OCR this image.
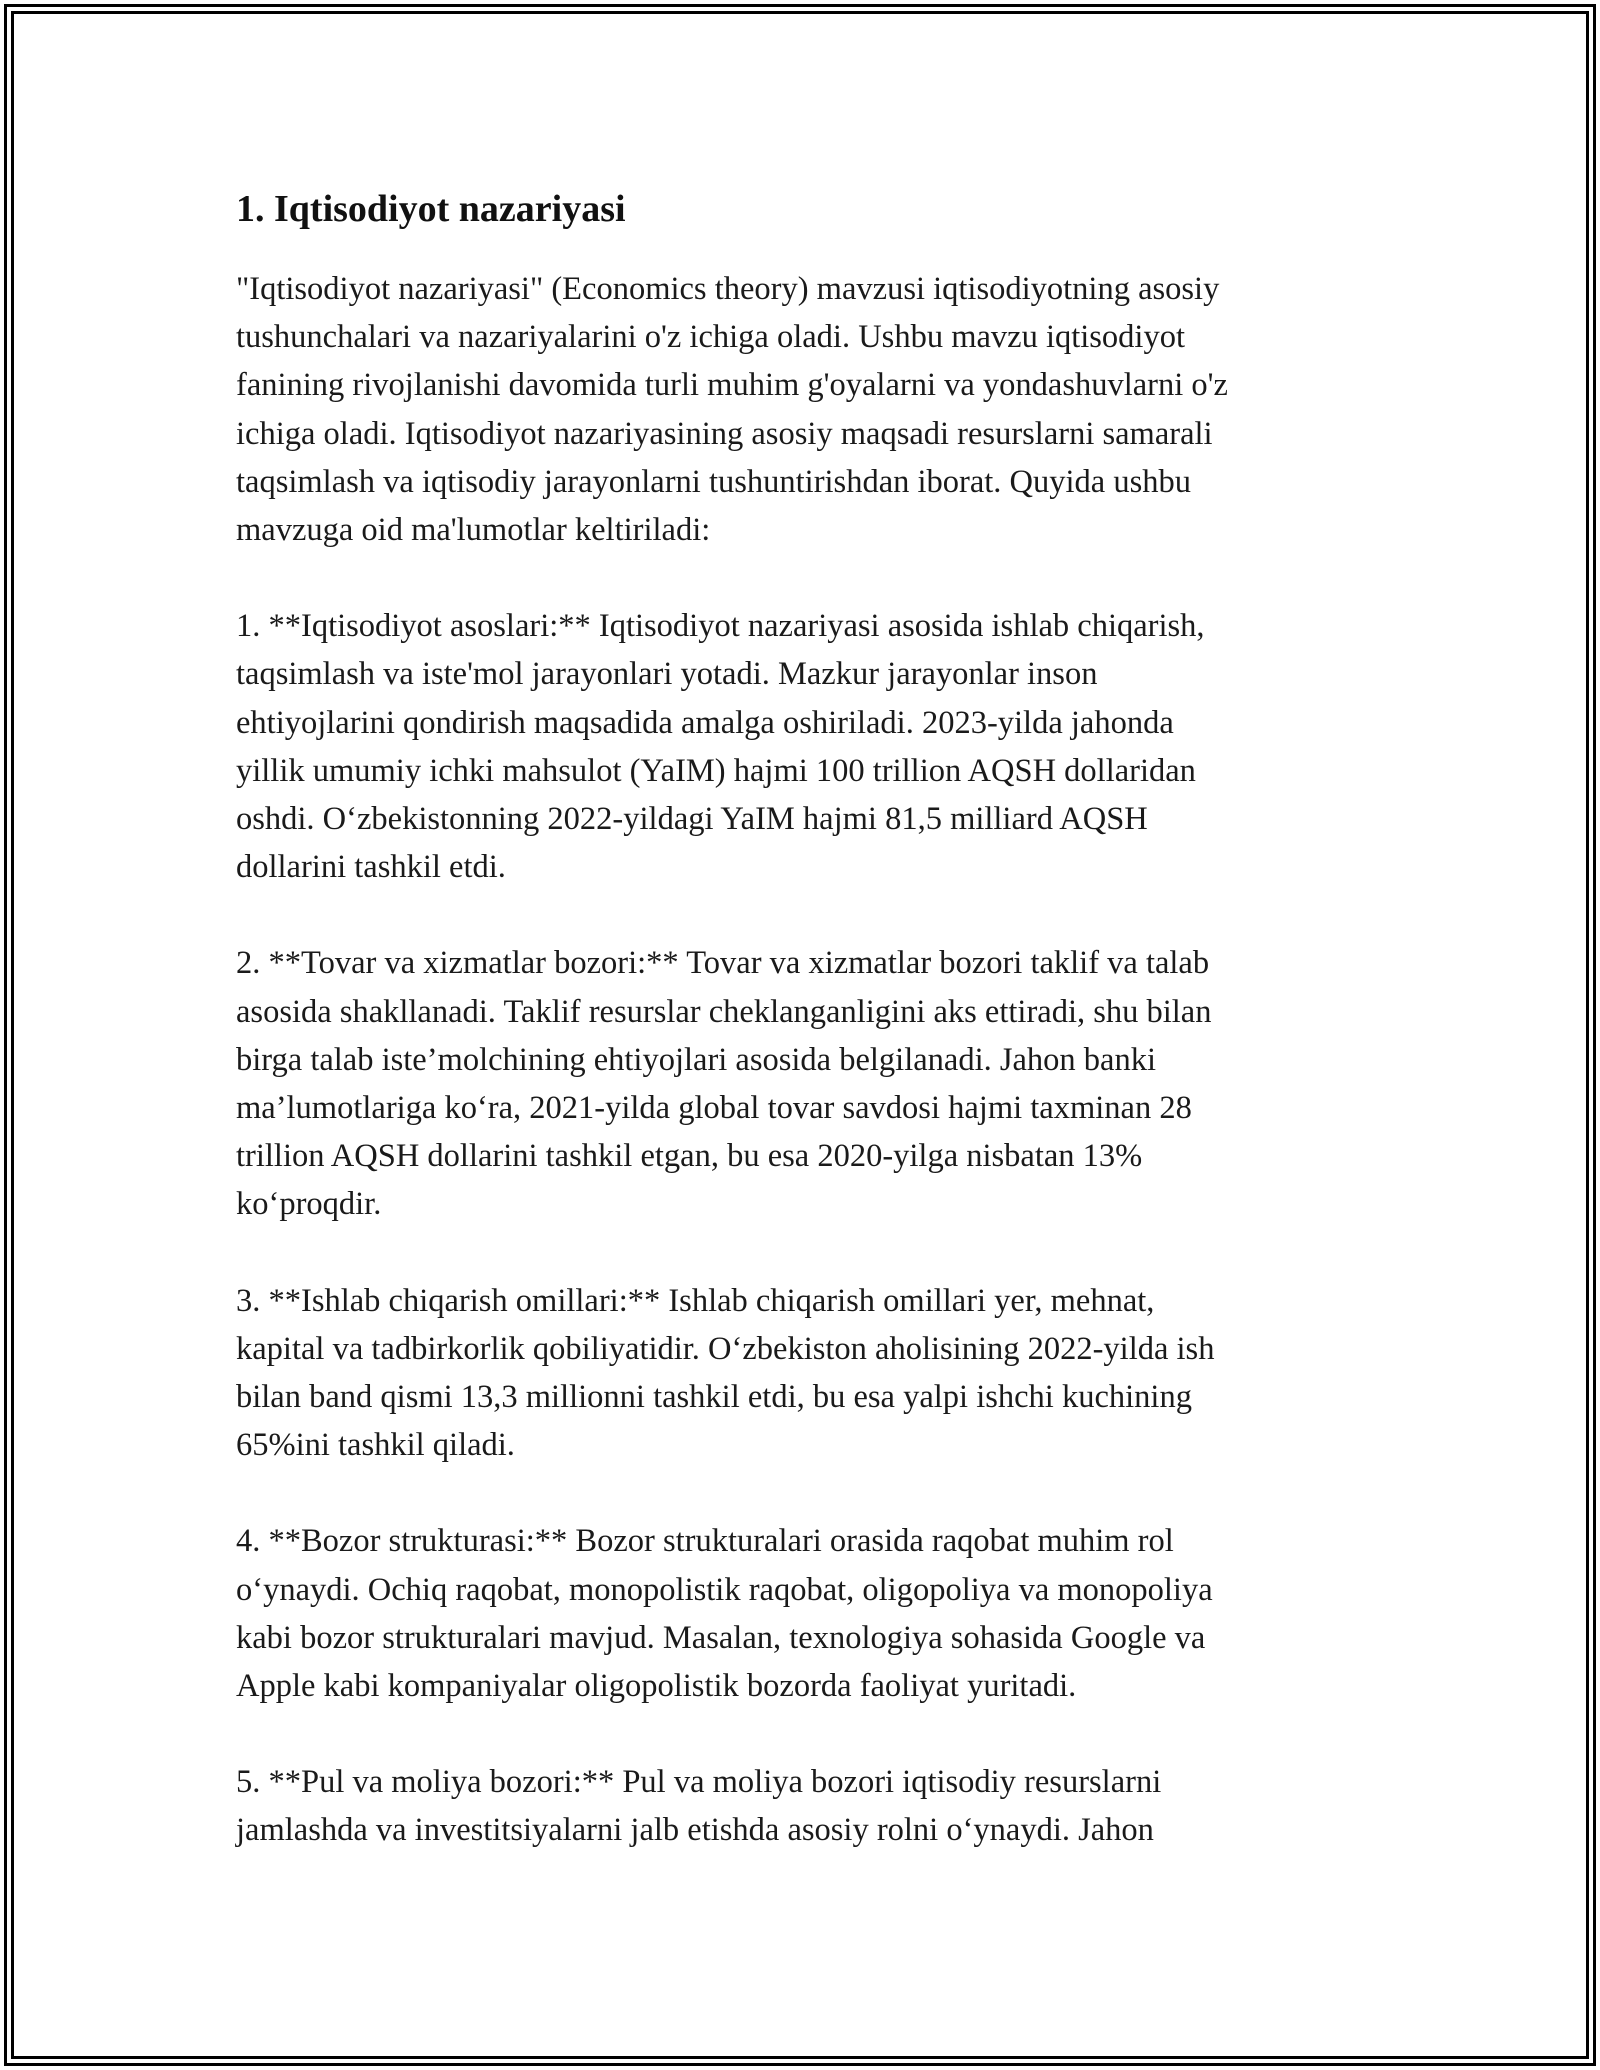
1. Iqtisodiyot nazariyasi

"Iqtisodiyot nazariyasi" (Economics theory) mavzusi iqtisodiyotning asosiy
tushunchalari va nazariyalarini o'z ichiga oladi. Ushbu mavzu iqtisodiyot
fanining rivojlanishi davomida turli muhim g'oyalarni va yondashuvlarni o'z
ichiga oladi. Iqtisodiyot nazariyasining asosiy maqsadi resurslarni samarali
taqsimlash va iqtisodiy jarayonlarni tushuntirishdan iborat. Quyida ushbu
mavzuga oid ma'lumotlar keltiriladi:

1. **Iqtisodiyot asoslari:** Iqtisodiyot nazariyasi asosida ishlab chiqarish,
taqsimlash va iste'mol jarayonlari yotadi. Mazkur jarayonlar inson
ehtiyojlarini qondirish maqsadida amalga oshiriladi. 2023-yilda jahonda
yillik umumiy ichki mahsulot (YaIM) hajmi 100 trillion AQSH dollaridan
oshdi. O‘zbekistonning 2022-yildagi YaIM hajmi 81,5 milliard AQSH
dollarini tashkil etdi.

2. **Tovar va xizmatlar bozori:** Tovar va xizmatlar bozori taklif va talab
asosida shakllanadi. Taklif resurslar cheklanganligini aks ettiradi, shu bilan
birga talab iste’molchining ehtiyojlari asosida belgilanadi. Jahon banki
ma’lumotlariga ko‘ra, 2021-yilda global tovar savdosi hajmi taxminan 28
trillion AQSH dollarini tashkil etgan, bu esa 2020-yilga nisbatan 13%
ko‘proqdir.

3. **Ishlab chiqarish omillari:** Ishlab chiqarish omillari yer, mehnat,
kapital va tadbirkorlik qobiliyatidir. O‘zbekiston aholisining 2022-yilda ish
bilan band qismi 13,3 millionni tashkil etdi, bu esa yalpi ishchi kuchining
65%ini tashkil qiladi.

4. **Bozor strukturasi:** Bozor strukturalari orasida raqobat muhim rol
o‘ynaydi. Ochiq raqobat, monopolistik raqobat, oligopoliya va monopoliya
kabi bozor strukturalari mavjud. Masalan, texnologiya sohasida Google va
Apple kabi kompaniyalar oligopolistik bozorda faoliyat yuritadi.

5. **Pul va moliya bozori:** Pul va moliya bozori iqtisodiy resurslarni
jamlashda va investitsiyalarni jalb etishda asosiy rolni o‘ynaydi. Jahon
